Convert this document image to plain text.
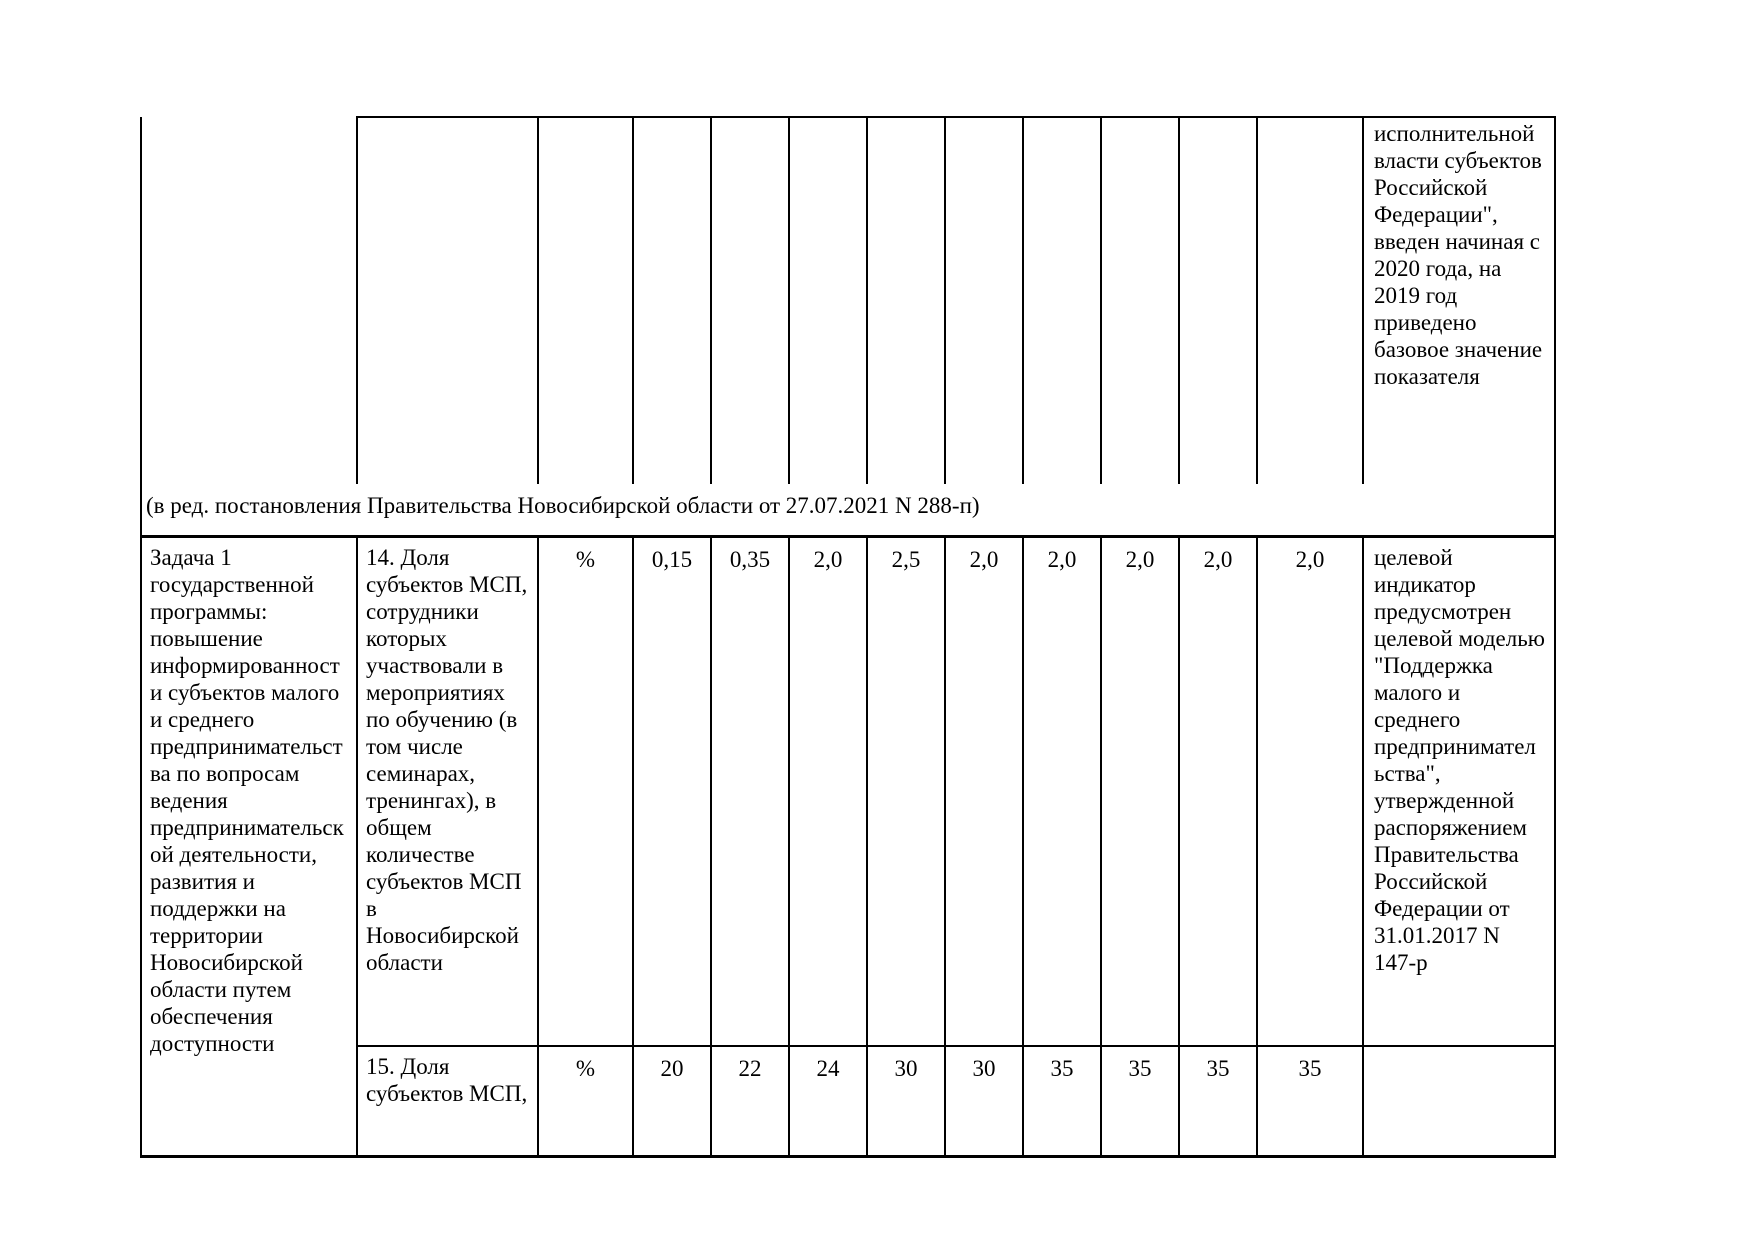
												исполнительной власти субъектов Российской Федерации", введен начиная с 2020 года, на 2019 год приведено базовое значение показателя
(в ред. постановления Правительства Новосибирской области от 27.07.2021 N 288-п)												
Задача 1 государственной программы: повышение информированности субъектов малого и среднего предпринимательства по вопросам ведения предпринимательской деятельности, развития и поддержки на территории Новосибирской области путем обеспечения доступности	14. Доля субъектов МСП, сотрудники которых участвовали в мероприятиях по обучению (в том числе семинарах, тренингах), в общем количестве субъектов МСП в Новосибирской области	%	0,15	0,35	2,0	2,5	2,0	2,0	2,0	2,0	2,0	целевой индикатор предусмотрен целевой моделью "Поддержка малого и среднего предпринимательства", утвержденной распоряжением Правительства Российской Федерации от 31.01.2017 N 147-р
	15. Доля субъектов МСП,	%	20	22	24	30	30	35	35	35	35	
